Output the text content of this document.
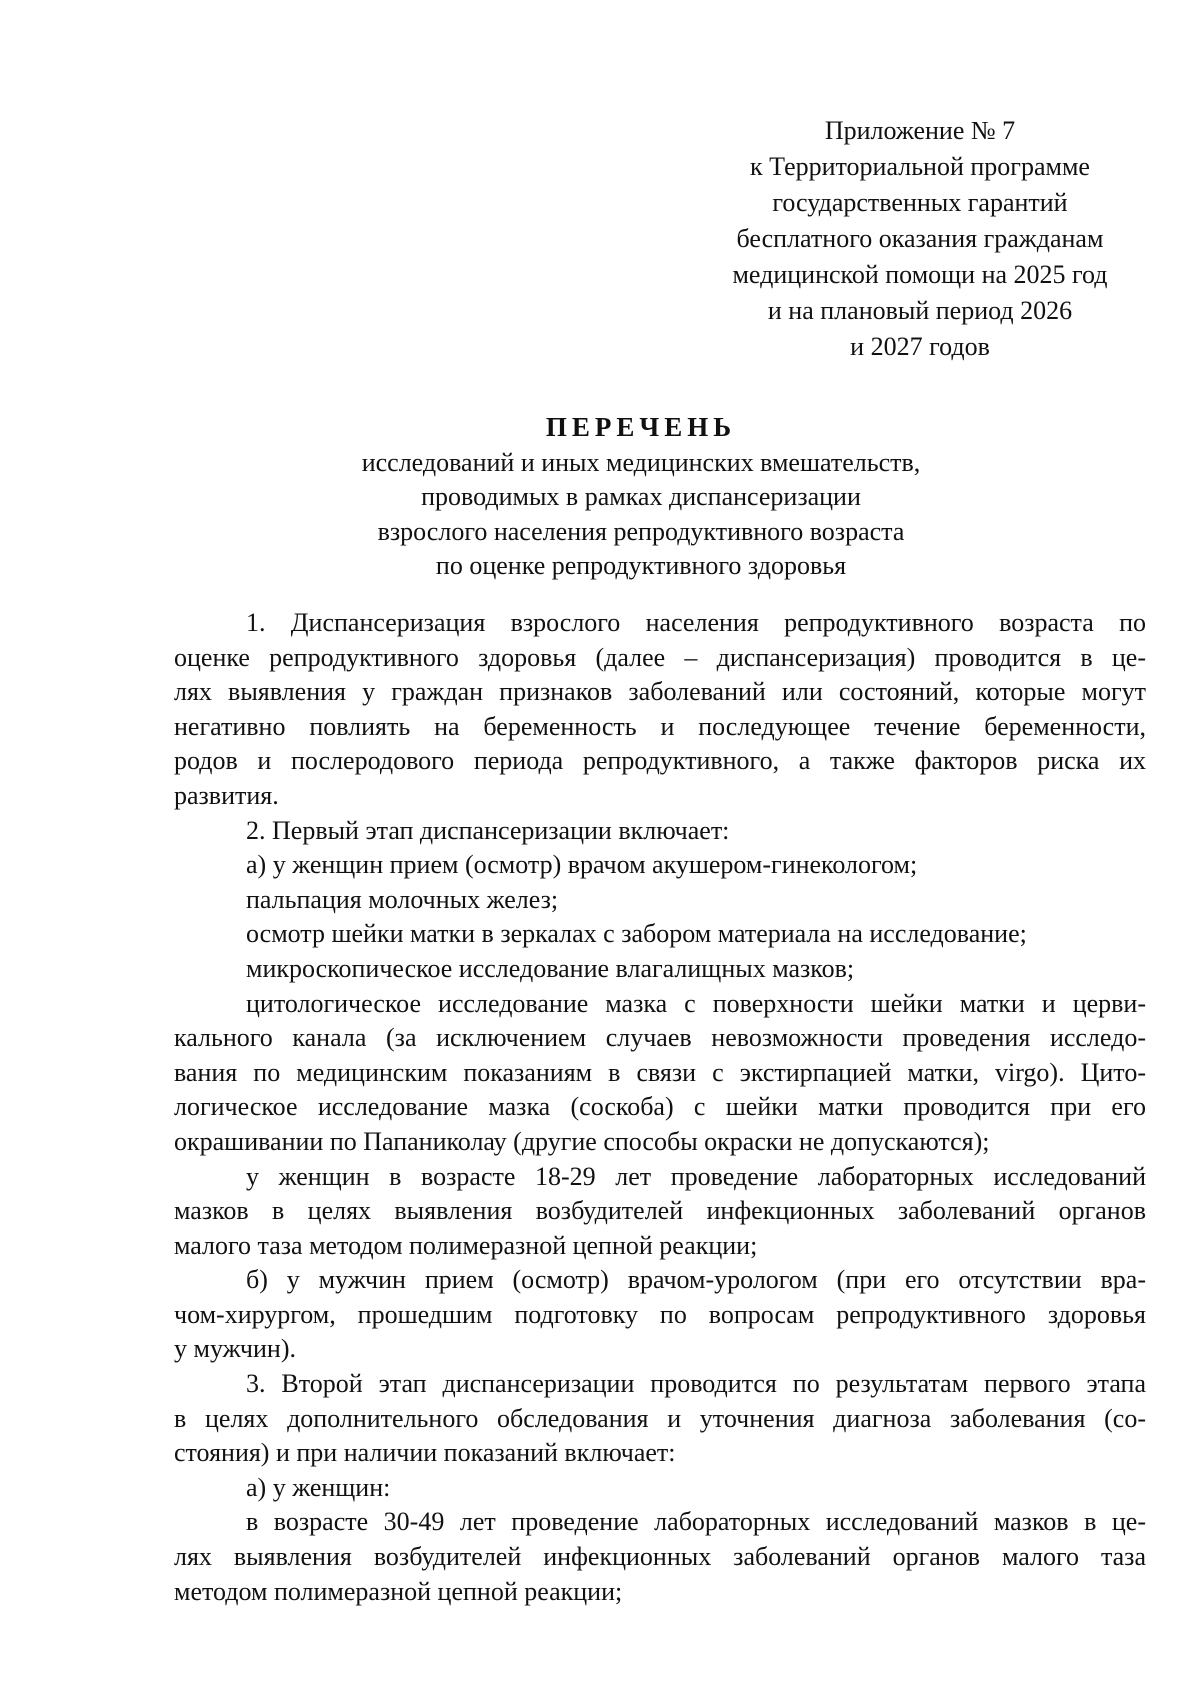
Приложение № 7
к Территориальной программе
государственных гарантий
бесплатного оказания гражданам
медицинской помощи на 2025 год
и на плановый период 2026
и 2027 годов
ПЕРЕЧЕНЬ
исследований и иных медицинских вмешательств,
проводимых в рамках диспансеризации
взрослого населения репродуктивного возраста
по оценке репродуктивного здоровья
1. Диспансеризация взрослого населения репродуктивного возраста по
оценке репродуктивного здоровья (далее – диспансеризация) проводится в це-
лях выявления у граждан признаков заболеваний или состояний, которые могут
негативно повлиять на беременность и последующее течение беременности,
родов и послеродового периода репродуктивного, а также факторов риска их
развития.
2. Первый этап диспансеризации включает:
а) у женщин прием (осмотр) врачом акушером-гинекологом;
пальпация молочных желез;
осмотр шейки матки в зеркалах с забором материала на исследование;
микроскопическое исследование влагалищных мазков;
цитологическое исследование мазка с поверхности шейки матки и церви-
кального канала (за исключением случаев невозможности проведения исследо-
вания по медицинским показаниям в связи с экстирпацией матки, virgo). Цито-
логическое исследование мазка (соскоба) с шейки матки проводится при его
окрашивании по Папаниколау (другие способы окраски не допускаются);
у женщин в возрасте 18-29 лет проведение лабораторных исследований
мазков в целях выявления возбудителей инфекционных заболеваний органов
малого таза методом полимеразной цепной реакции;
б) у мужчин прием (осмотр) врачом-урологом (при его отсутствии вра-
чом-хирургом, прошедшим подготовку по вопросам репродуктивного здоровья
у мужчин).
3. Второй этап диспансеризации проводится по результатам первого этапа
в целях дополнительного обследования и уточнения диагноза заболевания (со-
стояния) и при наличии показаний включает:
а) у женщин:
в возрасте 30-49 лет проведение лабораторных исследований мазков в це-
лях выявления возбудителей инфекционных заболеваний органов малого таза
методом полимеразной цепной реакции;
